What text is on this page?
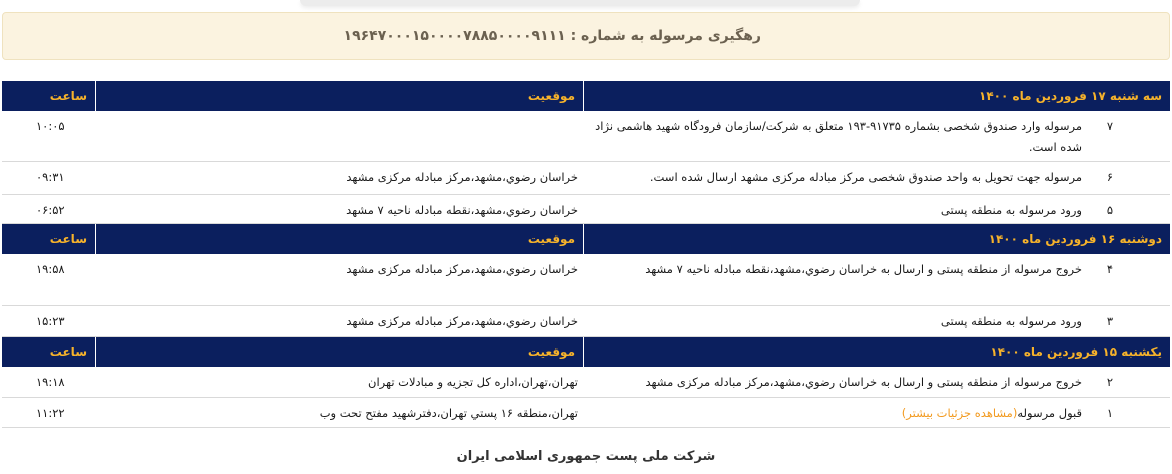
رهگیری مرسوله به شماره : ۱۹۶۴۷۰۰۰۱۵۰۰۰۰۷۸۸۵۰۰۰۰۹۱۱۱
سه شنبه ۱۷ فروردین ماه ۱۴۰۰
موقعیت
ساعت
۷
مرسوله وارد صندوق شخصی بشماره ۹۱۷۳۵-۱۹۳ متعلق به شرکت/سازمان فرودگاه شهید هاشمی نژاد شده است.
۱۰:۰۵
۶
مرسوله جهت تحویل به واحد صندوق شخصی مرکز مبادله مرکزی مشهد ارسال شده است.
خراسان رضوي،مشهد،مرکز مبادله مرکزی مشهد
۰۹:۳۱
۵
ورود مرسوله به منطقه پستی
خراسان رضوي،مشهد،نقطه مبادله ناحيه ۷ مشهد
۰۶:۵۲
دوشنبه ۱۶ فروردین ماه ۱۴۰۰
موقعیت
ساعت
۴
خروج مرسوله از منطقه پستی و ارسال به خراسان رضوي،مشهد،نقطه مبادله ناحيه ۷ مشهد
خراسان رضوي،مشهد،مرکز مبادله مرکزی مشهد
۱۹:۵۸
۳
ورود مرسوله به منطقه پستی
خراسان رضوي،مشهد،مرکز مبادله مرکزی مشهد
۱۵:۲۳
یکشنبه ۱۵ فروردین ماه ۱۴۰۰
موقعیت
ساعت
۲
خروج مرسوله از منطقه پستی و ارسال به خراسان رضوي،مشهد،مرکز مبادله مرکزی مشهد
تهران،تهران،اداره کل تجزيه و مبادلات تهران
۱۹:۱۸
۱
قبول مرسوله(مشاهده جزئیات بیشتر)
تهران،منطقه ۱۶ پستي تهران،دفترشهيد مفتح تحت وب
۱۱:۲۲
شرکت ملی پست جمهوری اسلامی ایران
